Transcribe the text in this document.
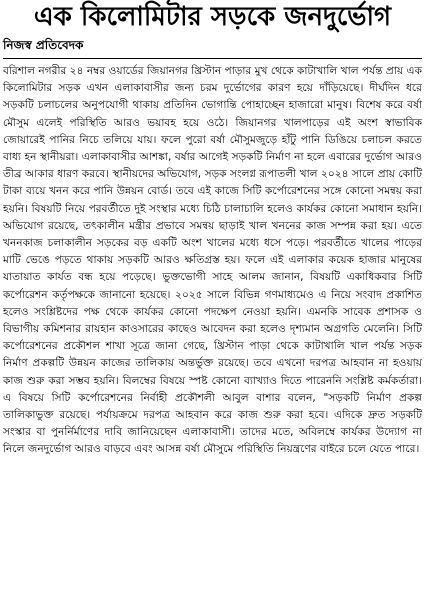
এক কিলোমিটার সড়কে জনদুর্ভোগ
নিজস্ব প্রতিবেদক

বরিশাল নগরীর ২৪ নম্বর ওয়ার্ডের জিয়ানগর খ্রিস্টান পাড়ার মুখ থেকে কাটাখালি খাল পর্যন্ত প্রায় এক কিলোমিটার সড়ক এখন এলাকাবাসীর জন্য চরম দুর্ভোগের কারণ হয়ে দাঁড়িয়েছে। দীর্ঘদিন ধরে সড়কটি চলাচলের অনুপযোগী থাকায় প্রতিদিন ভোগান্তি পোহাচ্ছেন হাজারো মানুষ। বিশেষ করে বর্ষা মৌসুম এলেই পরিস্থিতি আরও ভয়াবহ হয়ে ওঠে। জিয়ানগর খালপাড়ের এই অংশ স্বাভাবিক জোয়ারেই পানির নিচে তলিয়ে যায়। ফলে পুরো বর্ষা মৌসুমজুড়ে হাঁটু পানি ডিঙিয়ে চলাচল করতে বাধ্য হন স্থানীয়রা। এলাকাবাসীর আশঙ্কা, বর্ষার আগেই সড়কটি নির্মাণ না হলে এবারের দুর্ভোগ আরও তীব্র আকার ধারণ করবে। স্থানীয়দের অভিযোগ, সড়ক সংলগ্ন রূপাতলী খাল ২০২৪ সালে প্রায় কোটি টাকা ব্যয়ে খনন করে পানি উন্নয়ন বোর্ড। তবে এই কাজে সিটি কর্পোরেশনের সঙ্গে কোনো সমন্বয় করা হয়নি। বিষয়টি নিয়ে পরবর্তীতে দুই সংস্থার মধ্যে চিঠি চালাচালি হলেও কার্যকর কোনো সমাধান হয়নি। অভিযোগ রয়েছে, তৎকালীন মন্ত্রীর প্রভাবে সমন্বয় ছাড়াই খাল খননের কাজ সম্পন্ন করা হয়। এতে খননকাজ চলাকালীন সড়কের বড় একটি অংশ খালের মধ্যে ধসে পড়ে। পরবর্তীতে খালের পাড়ের মাটি ভেঙে পড়তে থাকায় সড়কটি আরও ক্ষতিগ্রস্ত হয়। ফলে এই এলাকার কয়েক হাজার মানুষের যাতায়াত কার্যত বন্ধ হয়ে পড়েছে। ভুক্তভোগী সাহে আলম জানান, বিষয়টি একাধিকবার সিটি কর্পোরেশন কর্তৃপক্ষকে জানানো হয়েছে। ২০২৫ সালে বিভিন্ন গণমাধ্যমেও এ নিয়ে সংবাদ প্রকাশিত হলেও সংশ্লিষ্টদের পক্ষ থেকে কার্যকর কোনো পদক্ষেপ নেওয়া হয়নি। এমনকি সাবেক প্রশাসক ও বিভাগীয় কমিশনার রায়হান কাওসারের কাছেও আবেদন করা হলেও দৃশ্যমান অগ্রগতি মেলেনি। সিটি কর্পোরেশনের প্রকৌশল শাখা সূত্রে জানা গেছে, খ্রিস্টান পাড়া থেকে কাটাখালি খাল পর্যন্ত সড়ক নির্মাণ প্রকল্পটি উন্নয়ন কাজের তালিকায় অন্তর্ভুক্ত রয়েছে। তবে এখনো দরপত্র আহবান না হওয়ায় কাজ শুরু করা সম্ভব হয়নি। বিলম্বের বিষয়ে স্পষ্ট কোনো ব্যাখ্যাও দিতে পারেননি সংশ্লিষ্ট কর্মকর্তারা। এ বিষয়ে সিটি কর্পোরেশনের নির্বাহী প্রকৌশলী আবুল বাশার বলেন, "সড়কটি নির্মাণ প্রকল্প তালিকাভুক্ত রয়েছে। পর্যায়ক্রমে দরপত্র আহবান করে কাজ শুরু করা হবে। এদিকে দ্রুত সড়কটি সংস্কার বা পুনর্নির্মাণের দাবি জানিয়েছেন এলাকাবাসী। তাদের মতে, অবিলম্বে কার্যকর উদ্যোগ না নিলে জনদুর্ভোগ আরও বাড়বে এবং আসন্ন বর্ষা মৌসুমে পরিস্থিতি নিয়ন্ত্রণের বাইরে চলে যেতে পারে।
